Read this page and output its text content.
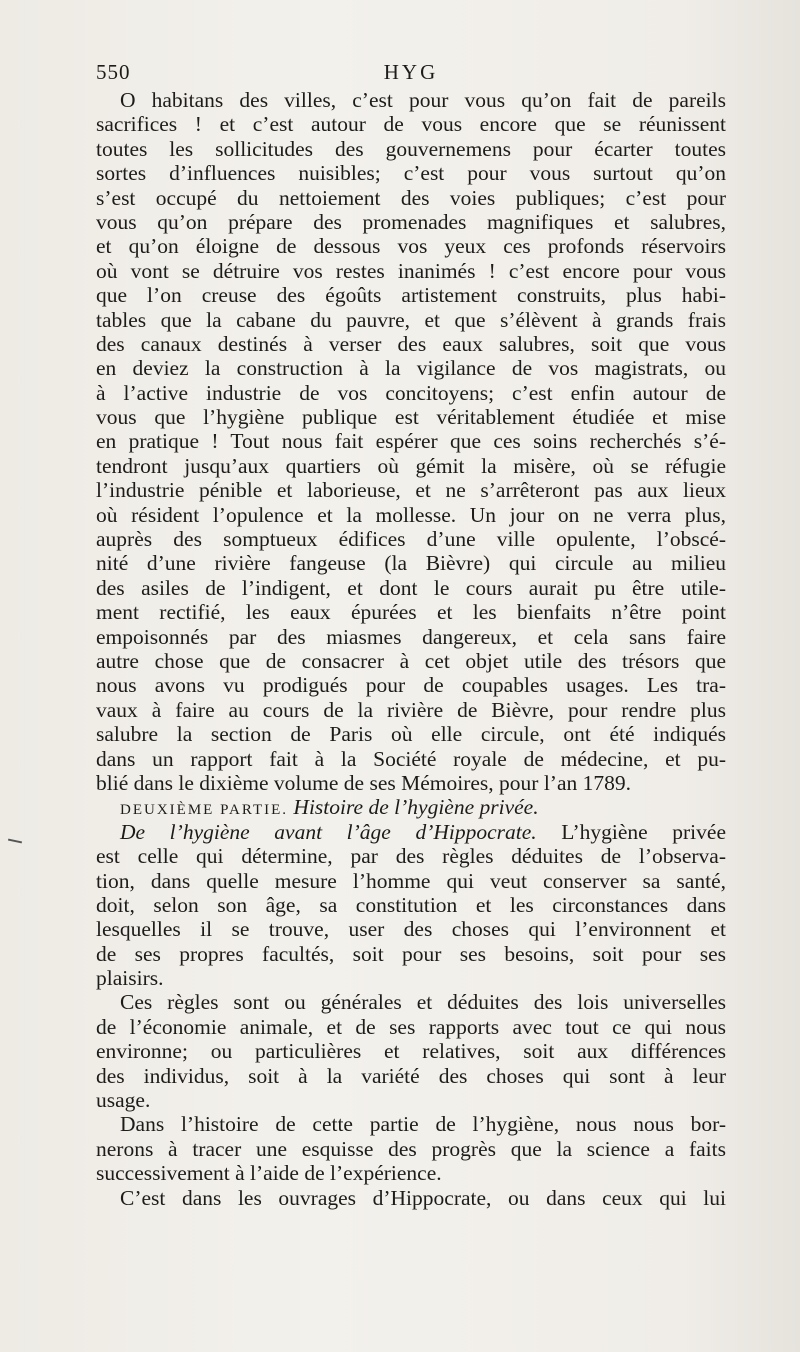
550	HYG
O habitans des villes, c’est pour vous qu’on fait de pareils
sacrifices ! et c’est autour de vous encore que se réunissent
toutes les sollicitudes des gouvernemens pour écarter toutes
sortes d’influences nuisibles; c’est pour vous surtout qu’on
s’est occupé du nettoiement des voies publiques; c’est pour
vous qu’on prépare des promenades magnifiques et salubres,
et qu’on éloigne de dessous vos yeux ces profonds réservoirs
où vont se détruire vos restes inanimés ! c’est encore pour vous
que l’on creuse des égoûts artistement construits, plus habi-
tables que la cabane du pauvre, et que s’élèvent à grands frais
des canaux destinés à verser des eaux salubres, soit que vous
en deviez la construction à la vigilance de vos magistrats, ou
à l’active industrie de vos concitoyens; c’est enfin autour de
vous que l’hygiène publique est véritablement étudiée et mise
en pratique ! Tout nous fait espérer que ces soins recherchés s’é-
tendront jusqu’aux quartiers où gémit la misère, où se réfugie
l’industrie pénible et laborieuse, et ne s’arrêteront pas aux lieux
où résident l’opulence et la mollesse. Un jour on ne verra plus,
auprès des somptueux édifices d’une ville opulente, l’obscé-
nité d’une rivière fangeuse (la Bièvre) qui circule au milieu
des asiles de l’indigent, et dont le cours aurait pu être utile-
ment rectifié, les eaux épurées et les bienfaits n’être point
empoisonnés par des miasmes dangereux, et cela sans faire
autre chose que de consacrer à cet objet utile des trésors que
nous avons vu prodigués pour de coupables usages. Les tra-
vaux à faire au cours de la rivière de Bièvre, pour rendre plus
salubre la section de Paris où elle circule, ont été indiqués
dans un rapport fait à la Société royale de médecine, et pu-
blié dans le dixième volume de ses Mémoires, pour l’an 1789.
DEUXIÈME PARTIE. Histoire de l’hygiène privée.
De l’hygiène avant l’âge d’Hippocrate. L’hygiène privée
est celle qui détermine, par des règles déduites de l’observa-
tion, dans quelle mesure l’homme qui veut conserver sa santé,
doit, selon son âge, sa constitution et les circonstances dans
lesquelles il se trouve, user des choses qui l’environnent et
de ses propres facultés, soit pour ses besoins, soit pour ses
plaisirs.
Ces règles sont ou générales et déduites des lois universelles
de l’économie animale, et de ses rapports avec tout ce qui nous
environne; ou particulières et relatives, soit aux différences
des individus, soit à la variété des choses qui sont à leur
usage.
Dans l’histoire de cette partie de l’hygiène, nous nous bor-
nerons à tracer une esquisse des progrès que la science a faits
successivement à l’aide de l’expérience.
C’est dans les ouvrages d’Hippocrate, ou dans ceux qui lui
